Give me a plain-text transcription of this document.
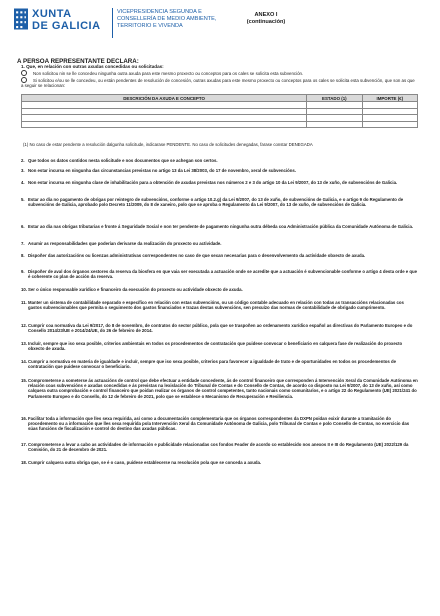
XUNTA
DE GALICIA
VICEPRESIDENCIA SEGUNDA E
CONSELLERÍA DE MEDIO AMBIENTE,
TERRITORIO E VIVENDA
ANEXO I
(continuación)
A PERSOA REPRESENTANTE DECLARA:
1. Que, en relación con outras axudas concedidas ou solicitadas:
Non solicitou nin se lle concedeu ningunha outra axuda para este mesmo proxecto ou conceptos para os cales se solicita esta subvención.
Si solicitou e/ou se lle concedeu, ou están pendentes de resolución de concesión, outras axudas para este mesmo proxecto ou conceptos para os cales se solicita esta subvención, que son as que a seguir se relacionan:
DESCRICIÓN DA AXUDA E CONCEPTO	ESTADO (1)	IMPORTE (€)

(1) No caso de estar pendente a resolución dalgunha solicitude, indicarase PENDENTE. No caso de solicitudes denegadas, farase constar DENEGADA
2. Que todos os datos contidos nesta solicitude e nos documentos que se achegan son certos.
3. Non estar incursa en ningunha das circunstancias previstas no artigo 13 da Lei 38/2003, do 17 de novembro, xeral de subvencións.
4. Non estar incursa en ningunha clase de inhabilitación para a obtención de axudas previstas nos números 2 e 3 do artigo 10 da Lei 9/2007, do 13 de xuño, de subvencións de Galicia.
5. Estar ao día no pagamento de obrigas por reintegro de subvencións, conforme o artigo 10.2.g) da Lei 9/2007, do 13 de xuño, de subvencións de Galicia, e o artigo 9 do Regulamento de subvencións de Galicia, aprobado polo Decreto 11/2009, do 8 de xaneiro, polo que se aproba o Regulamento da Lei 9/2007, do 13 de xuño, de subvencións de Galicia.
6. Estar ao día nas obrigas tributarias e fronte á Seguridade Social e non ter pendente de pagamento ningunha outra débeda coa Administración pública da Comunidade Autónoma de Galicia.
7. Asumir as responsabilidades que poderían derivarse da realización do proxecto ou actividade.
8. Dispoñer das autorizacións ou licenzas administrativas correspondentes no caso de que sexan necesarias para o desenvolvemento da actividade obxecto de axuda.
9. Dispoñer de aval dos órganos xestores da reserva da biosfera en que vaia ser executada a actuación onde se acredite que a actuación é subvencionable conforme o artigo 4 desta orde e que é coherente co plan de acción da reserva.
10. Ser o único responsable xurídico e financeiro da execución do proxecto ou actividade obxecto de axuda.
11. Manter un sistema de contabilidade separado e específico en relación con estas subvencións, ou un código contable adecuado en relación con todas as transaccións relacionadas cos gastos subvencionables que permita o seguimento dos gastos financiados e trazas destas subvencións, sen prexuízo das normas de contabilidade de obrigado cumprimento.
12. Cumprir coa normativa da Lei 9/2017, do 8 de novembro, de contratos do sector público, pola que se traspoñen ao ordenamento xurídico español as directivas do Parlamento Europeo e do Consello 2014/23/UE e 2014/24/UE, do 26 de febreiro de 2014.
13. Incluír, sempre que iso sexa posible, criterios ambientais en todos os procedementos de contratación que puidese convocar o beneficiario en calquera fase de realización do proxecto obxecto de axuda.
14. Cumprir a normativa en materia de igualdade e incluír, sempre que iso sexa posible, criterios para favorecer a igualdade de trato e de oportunidades en todos os procedementos de contratación que puidese convocar o beneficiario.
15. Comprometerse a someterse ás actuacións de control que debe efectuar a entidade concedente, ás de control financeiro que corresponden á Intervención Xeral da Comunidade Autónoma en relación coas subvencións e axudas concedidas e ás previstas na lexislación do Tribunal de Contas e do Consello de Contas, de acordo co disposto na Lei 9/2007, do 13 de xuño, así como calquera outra comprobación e control financeiro que poidan realizar os órganos de control competentes, tanto nacionais como comunitarios, e o artigo 22 do Regulamento (UE) 2021/241 do Parlamento Europeo e do Consello, do 12 de febreiro de 2021, polo que se establece o Mecanismo de Recuperación e Resiliencia.
16. Facilitar toda a información que lles sexa requirida, así como a documentación complementaria que os órganos correspondentes da DXPN poidan exixir durante a tramitación do procedemento ou a información que lles sexa requirida pola Intervención Xeral da Comunidade Autónoma de Galicia, polo Tribunal de Contas e polo Consello de Contas, no exercicio das súas funcións de fiscalización e control do destino das axudas públicas.
17. Comprometerse a levar a cabo as actividades de información e publicidade relacionadas cos fondos Feader de acordo co establecido nos anexos II e III do Regulamento (UE) 2022/129 da Comisión, do 21 de decembro de 2021.
18. Cumprir calquera outra obriga que, se é o caso, puidese establecerse na resolución pola que se conceda a axuda.
